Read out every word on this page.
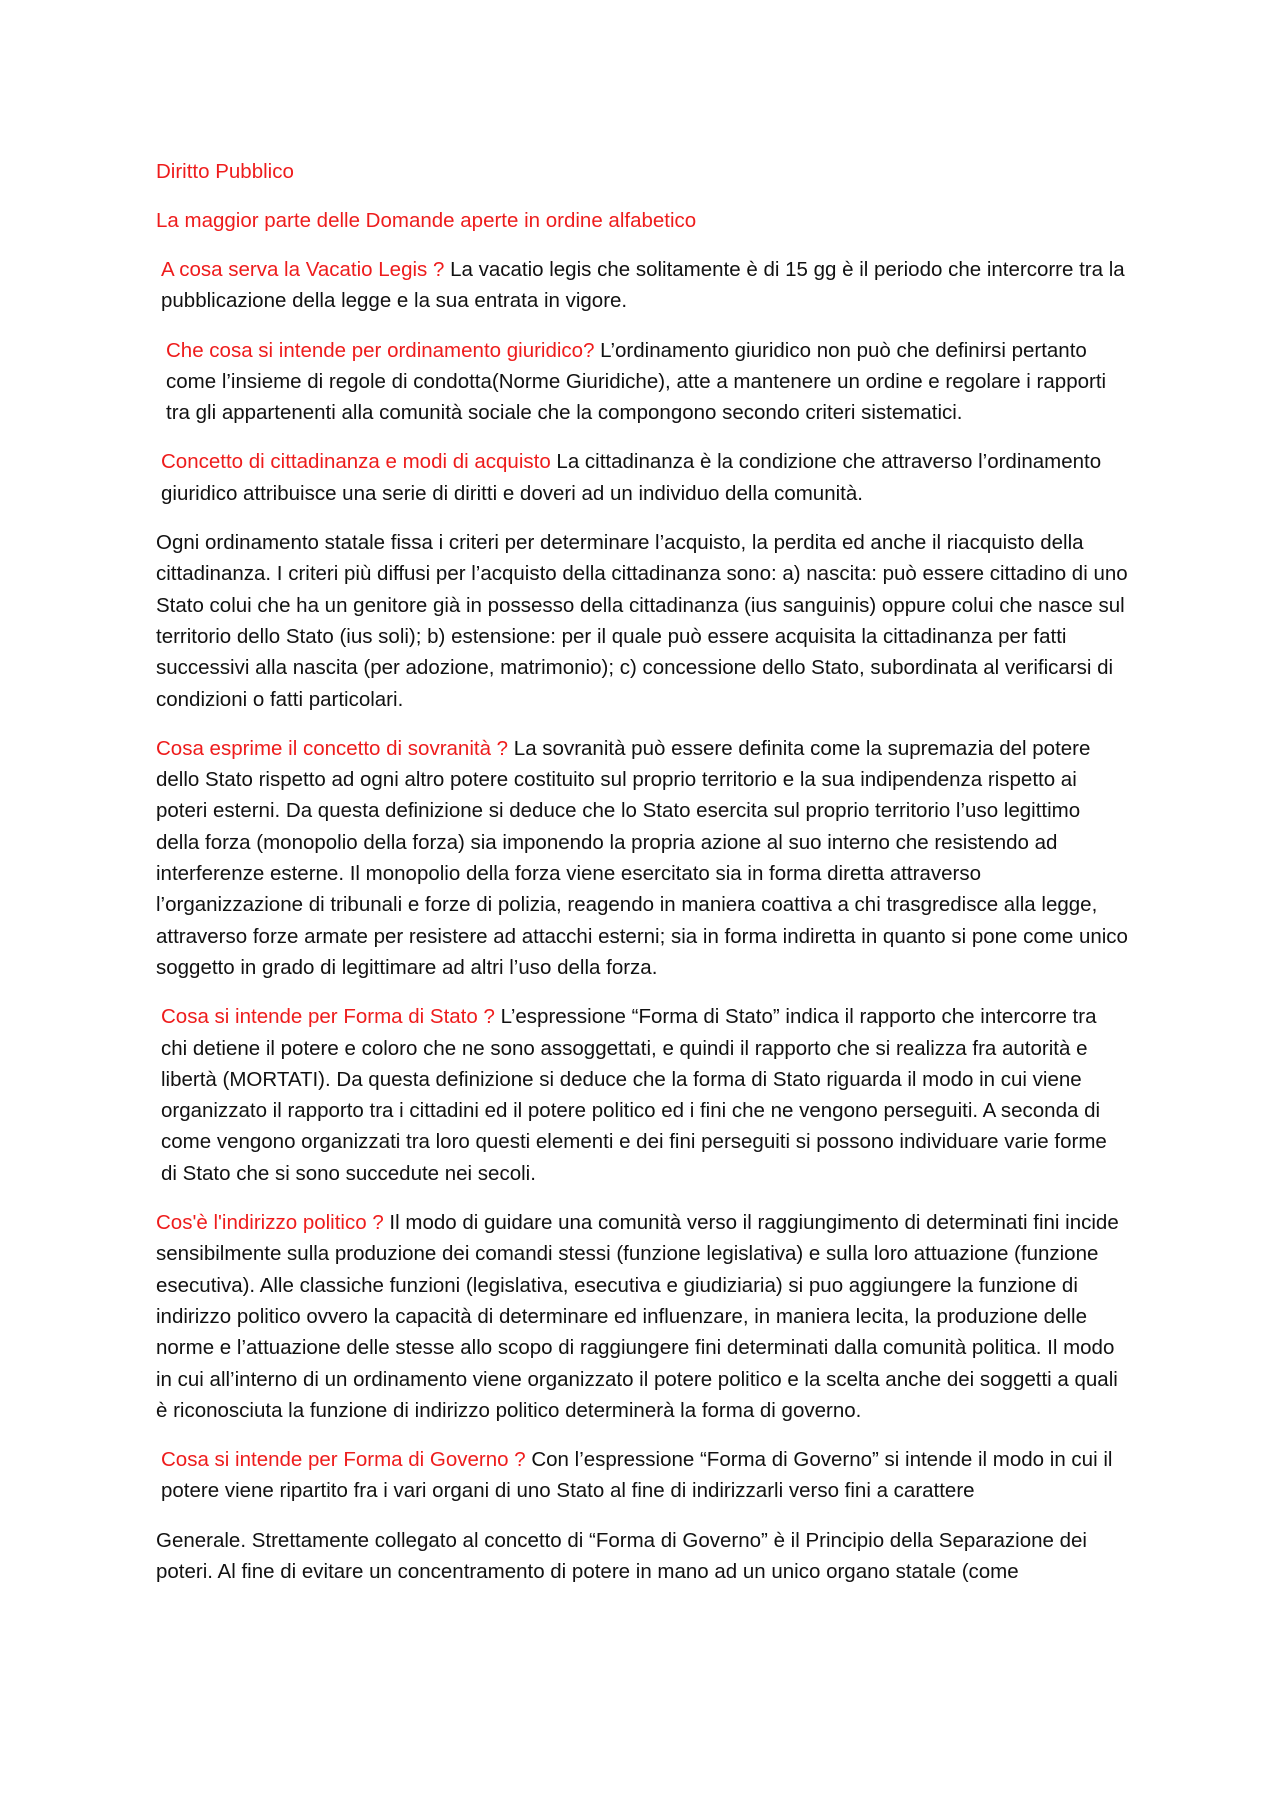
Diritto Pubblico

La maggior parte delle Domande aperte in ordine alfabetico

A cosa serva la Vacatio Legis ? La vacatio legis che solitamente è di 15 gg è il periodo che intercorre tra la pubblicazione della legge e la sua entrata in vigore.

Che cosa si intende per ordinamento giuridico? L’ordinamento giuridico non può che definirsi pertanto come l’insieme di regole di condotta(Norme Giuridiche), atte a mantenere un ordine e regolare i rapporti tra gli appartenenti alla comunità sociale che la compongono secondo criteri sistematici.

Concetto di cittadinanza e modi di acquisto La cittadinanza è la condizione che attraverso l’ordinamento giuridico attribuisce una serie di diritti e doveri ad un individuo della comunità.

Ogni ordinamento statale fissa i criteri per determinare l’acquisto, la perdita ed anche il riacquisto della cittadinanza. I criteri più diffusi per l’acquisto della cittadinanza sono: a) nascita: può essere cittadino di uno Stato colui che ha un genitore già in possesso della cittadinanza (ius sanguinis) oppure colui che nasce sul territorio dello Stato (ius soli); b) estensione: per il quale può essere acquisita la cittadinanza per fatti successivi alla nascita (per adozione, matrimonio); c) concessione dello Stato, subordinata al verificarsi di condizioni o fatti particolari.

Cosa esprime il concetto di sovranità ? La sovranità può essere definita come la supremazia del potere dello Stato rispetto ad ogni altro potere costituito sul proprio territorio e la sua indipendenza rispetto ai poteri esterni. Da questa definizione si deduce che lo Stato esercita sul proprio territorio l’uso legittimo della forza (monopolio della forza) sia imponendo la propria azione al suo interno che resistendo ad interferenze esterne. Il monopolio della forza viene esercitato sia in forma diretta attraverso l’organizzazione di tribunali e forze di polizia, reagendo in maniera coattiva a chi trasgredisce alla legge, attraverso forze armate per resistere ad attacchi esterni; sia in forma indiretta in quanto si pone come unico soggetto in grado di legittimare ad altri l’uso della forza.

Cosa si intende per Forma di Stato ? L’espressione “Forma di Stato” indica il rapporto che intercorre tra chi detiene il potere e coloro che ne sono assoggettati, e quindi il rapporto che si realizza fra autorità e libertà (MORTATI). Da questa definizione si deduce che la forma di Stato riguarda il modo in cui viene organizzato il rapporto tra i cittadini ed il potere politico ed i fini che ne vengono perseguiti. A seconda di come vengono organizzati tra loro questi elementi e dei fini perseguiti si possono individuare varie forme di Stato che si sono succedute nei secoli.

Cos'è l'indirizzo politico ? Il modo di guidare una comunità verso il raggiungimento di determinati fini incide sensibilmente sulla produzione dei comandi stessi (funzione legislativa) e sulla loro attuazione (funzione esecutiva). Alle classiche funzioni (legislativa, esecutiva e giudiziaria) si puo aggiungere la funzione di indirizzo politico ovvero la capacità di determinare ed influenzare, in maniera lecita, la produzione delle norme e l’attuazione delle stesse allo scopo di raggiungere fini determinati dalla comunità politica. Il modo in cui all’interno di un ordinamento viene organizzato il potere politico e la scelta anche dei soggetti a quali è riconosciuta la funzione di indirizzo politico determinerà la forma di governo.

Cosa si intende per Forma di Governo ? Con l’espressione “Forma di Governo” si intende il modo in cui il potere viene ripartito fra i vari organi di uno Stato al fine di indirizzarli verso fini a carattere

Generale. Strettamente collegato al concetto di “Forma di Governo” è il Principio della Separazione dei poteri. Al fine di evitare un concentramento di potere in mano ad un unico organo statale (come
